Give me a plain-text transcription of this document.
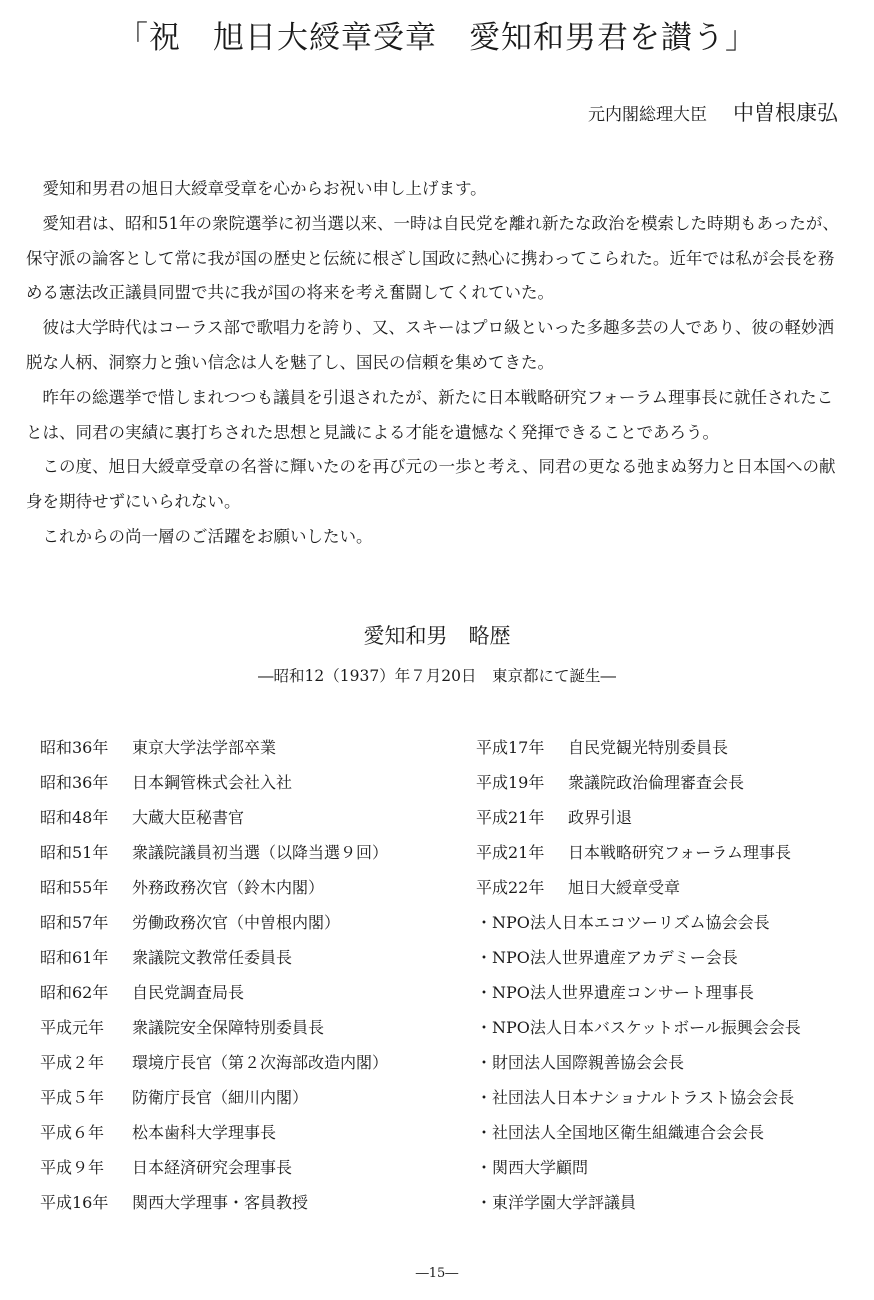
「祝　旭日大綬章受章　愛知和男君を讃う」
元内閣総理大臣 中曽根康弘

愛知和男君の旭日大綬章受章を心からお祝い申し上げます。

愛知君は、昭和51年の衆院選挙に初当選以来、一時は自民党を離れ新たな政治を模索した時期もあったが、保守派の論客として常に我が国の歴史と伝統に根ざし国政に熱心に携わってこられた。近年では私が会長を務める憲法改正議員同盟で共に我が国の将来を考え奮闘してくれていた。

彼は大学時代はコーラス部で歌唱力を誇り、又、スキーはプロ級といった多趣多芸の人であり、彼の軽妙洒脱な人柄、洞察力と強い信念は人を魅了し、国民の信頼を集めてきた。

昨年の総選挙で惜しまれつつも議員を引退されたが、新たに日本戦略研究フォーラム理事長に就任されたことは、同君の実績に裏打ちされた思想と見識による才能を遺憾なく発揮できることであろう。

この度、旭日大綬章受章の名誉に輝いたのを再び元の一歩と考え、同君の更なる弛まぬ努力と日本国への献身を期待せずにいられない。

これからの尚一層のご活躍をお願いしたい。

愛知和男　略歴
―昭和12（1937）年７月20日　東京都にて誕生―
昭和36年 東京大学法学部卒業
昭和36年 日本鋼管株式会社入社
昭和48年 大蔵大臣秘書官
昭和51年 衆議院議員初当選（以降当選９回）
昭和55年 外務政務次官（鈴木内閣）
昭和57年 労働政務次官（中曽根内閣）
昭和61年 衆議院文教常任委員長
昭和62年 自民党調査局長
平成元年 衆議院安全保障特別委員長
平成２年 環境庁長官（第２次海部改造内閣）
平成５年 防衛庁長官（細川内閣）
平成６年 松本歯科大学理事長
平成９年 日本経済研究会理事長
平成16年 関西大学理事・客員教授
平成17年 自民党観光特別委員長
平成19年 衆議院政治倫理審査会長
平成21年 政界引退
平成21年 日本戦略研究フォーラム理事長
平成22年 旭日大綬章受章
・NPO法人日本エコツーリズム協会会長
・NPO法人世界遺産アカデミー会長
・NPO法人世界遺産コンサート理事長
・NPO法人日本バスケットボール振興会会長
・財団法人国際親善協会会長
・社団法人日本ナショナルトラスト協会会長
・社団法人全国地区衛生組織連合会会長
・関西大学顧問
・東洋学園大学評議員
―15―
